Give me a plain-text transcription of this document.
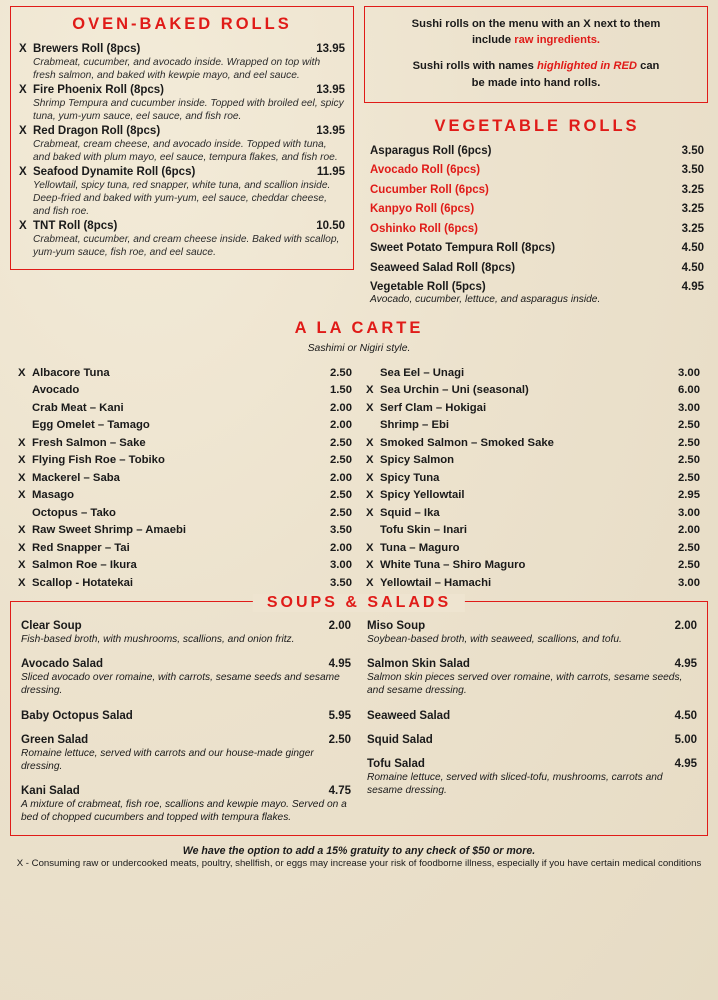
OVEN-BAKED ROLLS
X Brewers Roll (8pcs)	13.95
Crabmeat, cucumber, and avocado inside. Wrapped on top with fresh salmon, and baked with kewpie mayo, and eel sauce.
X Fire Phoenix Roll (8pcs)	13.95
Shrimp Tempura and cucumber inside. Topped with broiled eel, spicy tuna, yum-yum sauce, eel sauce, and fish roe.
X Red Dragon Roll (8pcs)	13.95
Crabmeat, cream cheese, and avocado inside. Topped with tuna, and baked with plum mayo, eel sauce, tempura flakes, and fish roe.
X Seafood Dynamite Roll (6pcs)	11.95
Yellowtail, spicy tuna, red snapper, white tuna, and scallion inside. Deep-fried and baked with yum-yum, eel sauce, cheddar cheese, and fish roe.
X TNT Roll (8pcs)	10.50
Crabmeat, cucumber, and cream cheese inside. Baked with scallop, yum-yum sauce, fish roe, and eel sauce.

Sushi rolls on the menu with an X next to them

include raw ingredients.

Sushi rolls with names highlighted in RED can

be made into hand rolls.

VEGETABLE ROLLS
Asparagus Roll (6pcs)	3.50
Avocado Roll (6pcs)	3.50
Cucumber Roll (6pcs)	3.25
Kanpyo Roll (6pcs)	3.25
Oshinko Roll (6pcs)	3.25
Sweet Potato Tempura Roll (8pcs)	4.50
Seaweed Salad Roll (8pcs)	4.50
Vegetable Roll (5pcs)	4.95
Avocado, cucumber, lettuce, and asparagus inside.
A LA CARTE
Sashimi or Nigiri style.
X Albacore Tuna	2.50
Avocado	1.50
Crab Meat – Kani	2.00
Egg Omelet – Tamago	2.00
X Fresh Salmon – Sake	2.50
X Flying Fish Roe – Tobiko	2.50
X Mackerel – Saba	2.00
X Masago	2.50
Octopus – Tako	2.50
X Raw Sweet Shrimp – Amaebi	3.50
X Red Snapper – Tai	2.00
X Salmon Roe – Ikura	3.00
X Scallop - Hotatekai	3.50
Sea Eel – Unagi	3.00
X Sea Urchin – Uni (seasonal)	6.00
X Serf Clam – Hokigai	3.00
Shrimp – Ebi	2.50
X Smoked Salmon – Smoked Sake	2.50
X Spicy Salmon	2.50
X Spicy Tuna	2.50
X Spicy Yellowtail	2.95
X Squid – Ika	3.00
Tofu Skin – Inari	2.00
X Tuna – Maguro	2.50
X White Tuna – Shiro Maguro	2.50
X Yellowtail – Hamachi	3.00
SOUPS & SALADS
Clear Soup	2.00
Fish-based broth, with mushrooms, scallions, and onion fritz.
Avocado Salad	4.95
Sliced avocado over romaine, with carrots, sesame seeds and sesame dressing.
Baby Octopus Salad	5.95
Green Salad	2.50
Romaine lettuce, served with carrots and our house-made ginger dressing.
Kani Salad	4.75
A mixture of crabmeat, fish roe, scallions and kewpie mayo. Served on a bed of chopped cucumbers and topped with tempura flakes.
Miso Soup	2.00
Soybean-based broth, with seaweed, scallions, and tofu.
Salmon Skin Salad	4.95
Salmon skin pieces served over romaine, with carrots, sesame seeds, and sesame dressing.
Seaweed Salad	4.50
Squid Salad	5.00
Tofu Salad	4.95
Romaine lettuce, served with sliced-tofu, mushrooms, carrots and sesame dressing.
We have the option to add a 15% gratuity to any check of $50 or more.
X - Consuming raw or undercooked meats, poultry, shellfish, or eggs may increase your risk of foodborne illness, especially if you have certain medical conditions
